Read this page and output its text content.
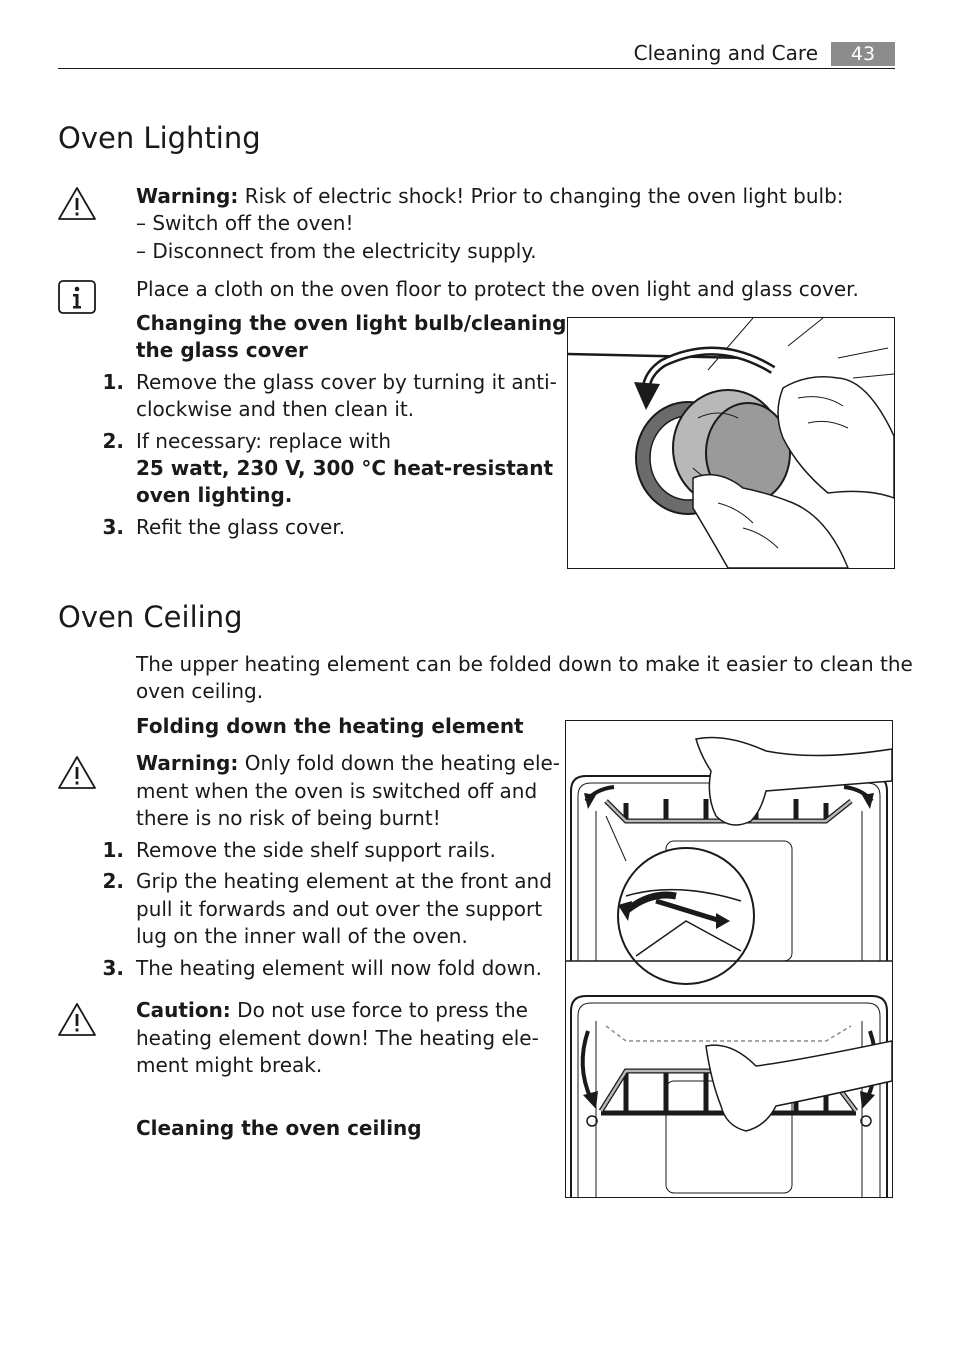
Cleaning and Care	43
Oven Lighting
Warning: Risk of electric shock! Prior to changing the oven light bulb:
– Switch off the oven!
– Disconnect from the electricity supply.
Place a cloth on the oven floor to protect the oven light and glass cover.
Changing the oven light bulb/cleaning
the glass cover
1. Remove the glass cover by turning it anti-
clockwise and then clean it.
2. If necessary: replace with
25 watt, 230 V, 300 °C heat-resistant
oven lighting.
3. Refit the glass cover.
Oven Ceiling
The upper heating element can be folded down to make it easier to clean the
oven ceiling.
Folding down the heating element
Warning: Only fold down the heating ele-
ment when the oven is switched off and
there is no risk of being burnt!
1. Remove the side shelf support rails.
2. Grip the heating element at the front and
pull it forwards and out over the support
lug on the inner wall of the oven.
3. The heating element will now fold down.
Caution: Do not use force to press the
heating element down! The heating ele-
ment might break.
Cleaning the oven ceiling
